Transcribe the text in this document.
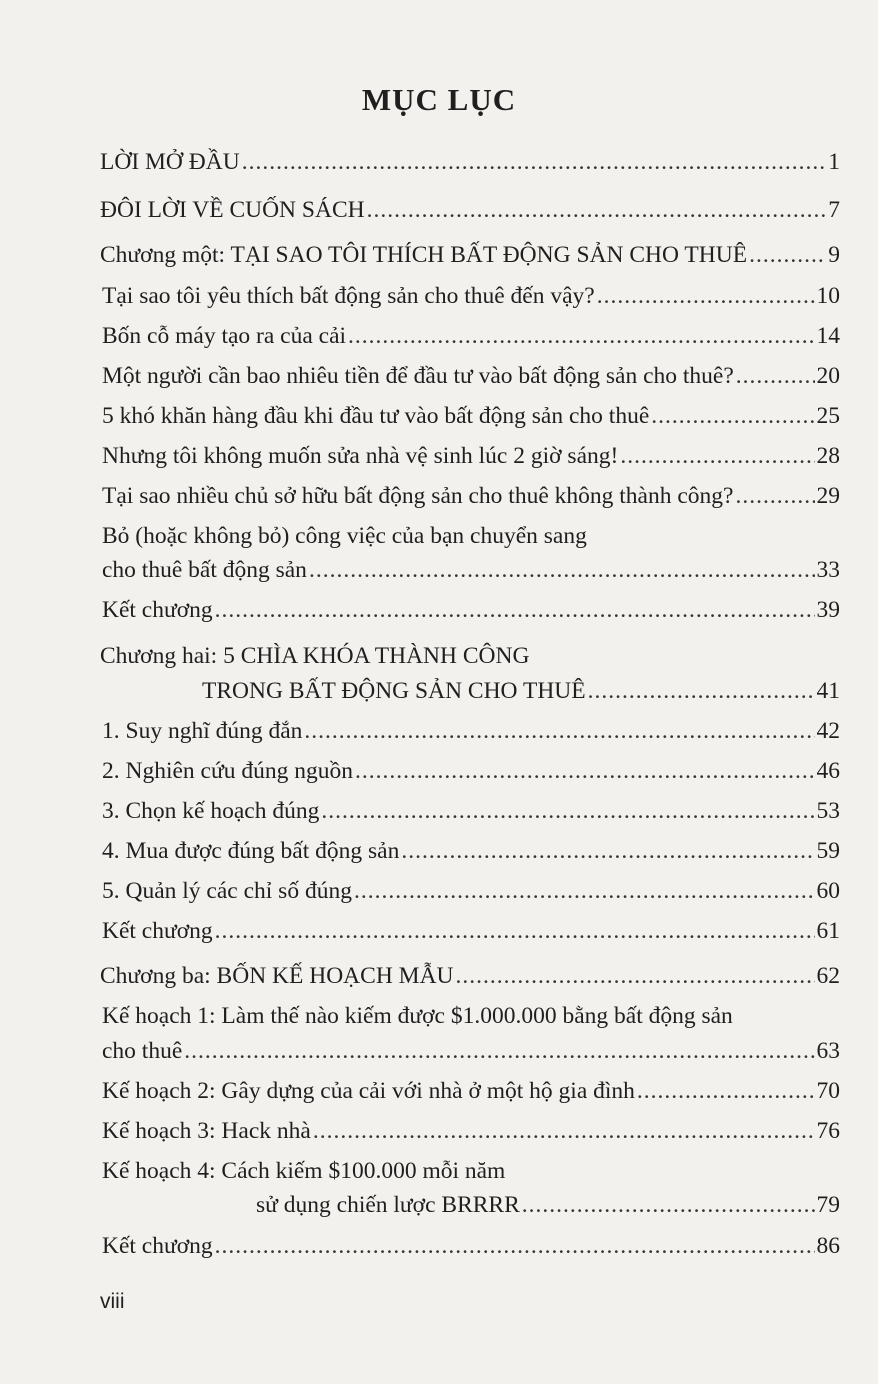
MỤC LỤC
LỜI MỞ ĐẦU .....	1
ĐÔI LỜI VỀ CUỐN SÁCH .....	7
Chương một: TẠI SAO TÔI THÍCH BẤT ĐỘNG SẢN CHO THUÊ .....	9
Tại sao tôi yêu thích bất động sản cho thuê đến vậy? .....	10
Bốn cỗ máy tạo ra của cải .....	14
Một người cần bao nhiêu tiền để đầu tư vào bất động sản cho thuê? .....	20
5 khó khăn hàng đầu khi đầu tư vào bất động sản cho thuê .....	25
Nhưng tôi không muốn sửa nhà vệ sinh lúc 2 giờ sáng! .....	28
Tại sao nhiều chủ sở hữu bất động sản cho thuê không thành công? .....	29
Bỏ (hoặc không bỏ) công việc của bạn chuyển sang
cho thuê bất động sản .....	33
Kết chương .....	39
Chương hai: 5 CHÌA KHÓA THÀNH CÔNG
TRONG BẤT ĐỘNG SẢN CHO THUÊ .....	41
1. Suy nghĩ đúng đắn .....	42
2. Nghiên cứu đúng nguồn .....	46
3. Chọn kế hoạch đúng .....	53
4. Mua được đúng bất động sản .....	59
5. Quản lý các chỉ số đúng .....	60
Kết chương .....	61
Chương ba: BỐN KẾ HOẠCH MẪU .....	62
Kế hoạch 1: Làm thế nào kiếm được $1.000.000 bằng bất động sản
cho thuê .....	63
Kế hoạch 2: Gây dựng của cải với nhà ở một hộ gia đình .....	70
Kế hoạch 3: Hack nhà .....	76
Kế hoạch 4: Cách kiếm $100.000 mỗi năm
sử dụng chiến lược BRRRR .....	79
Kết chương .....	86
viii
